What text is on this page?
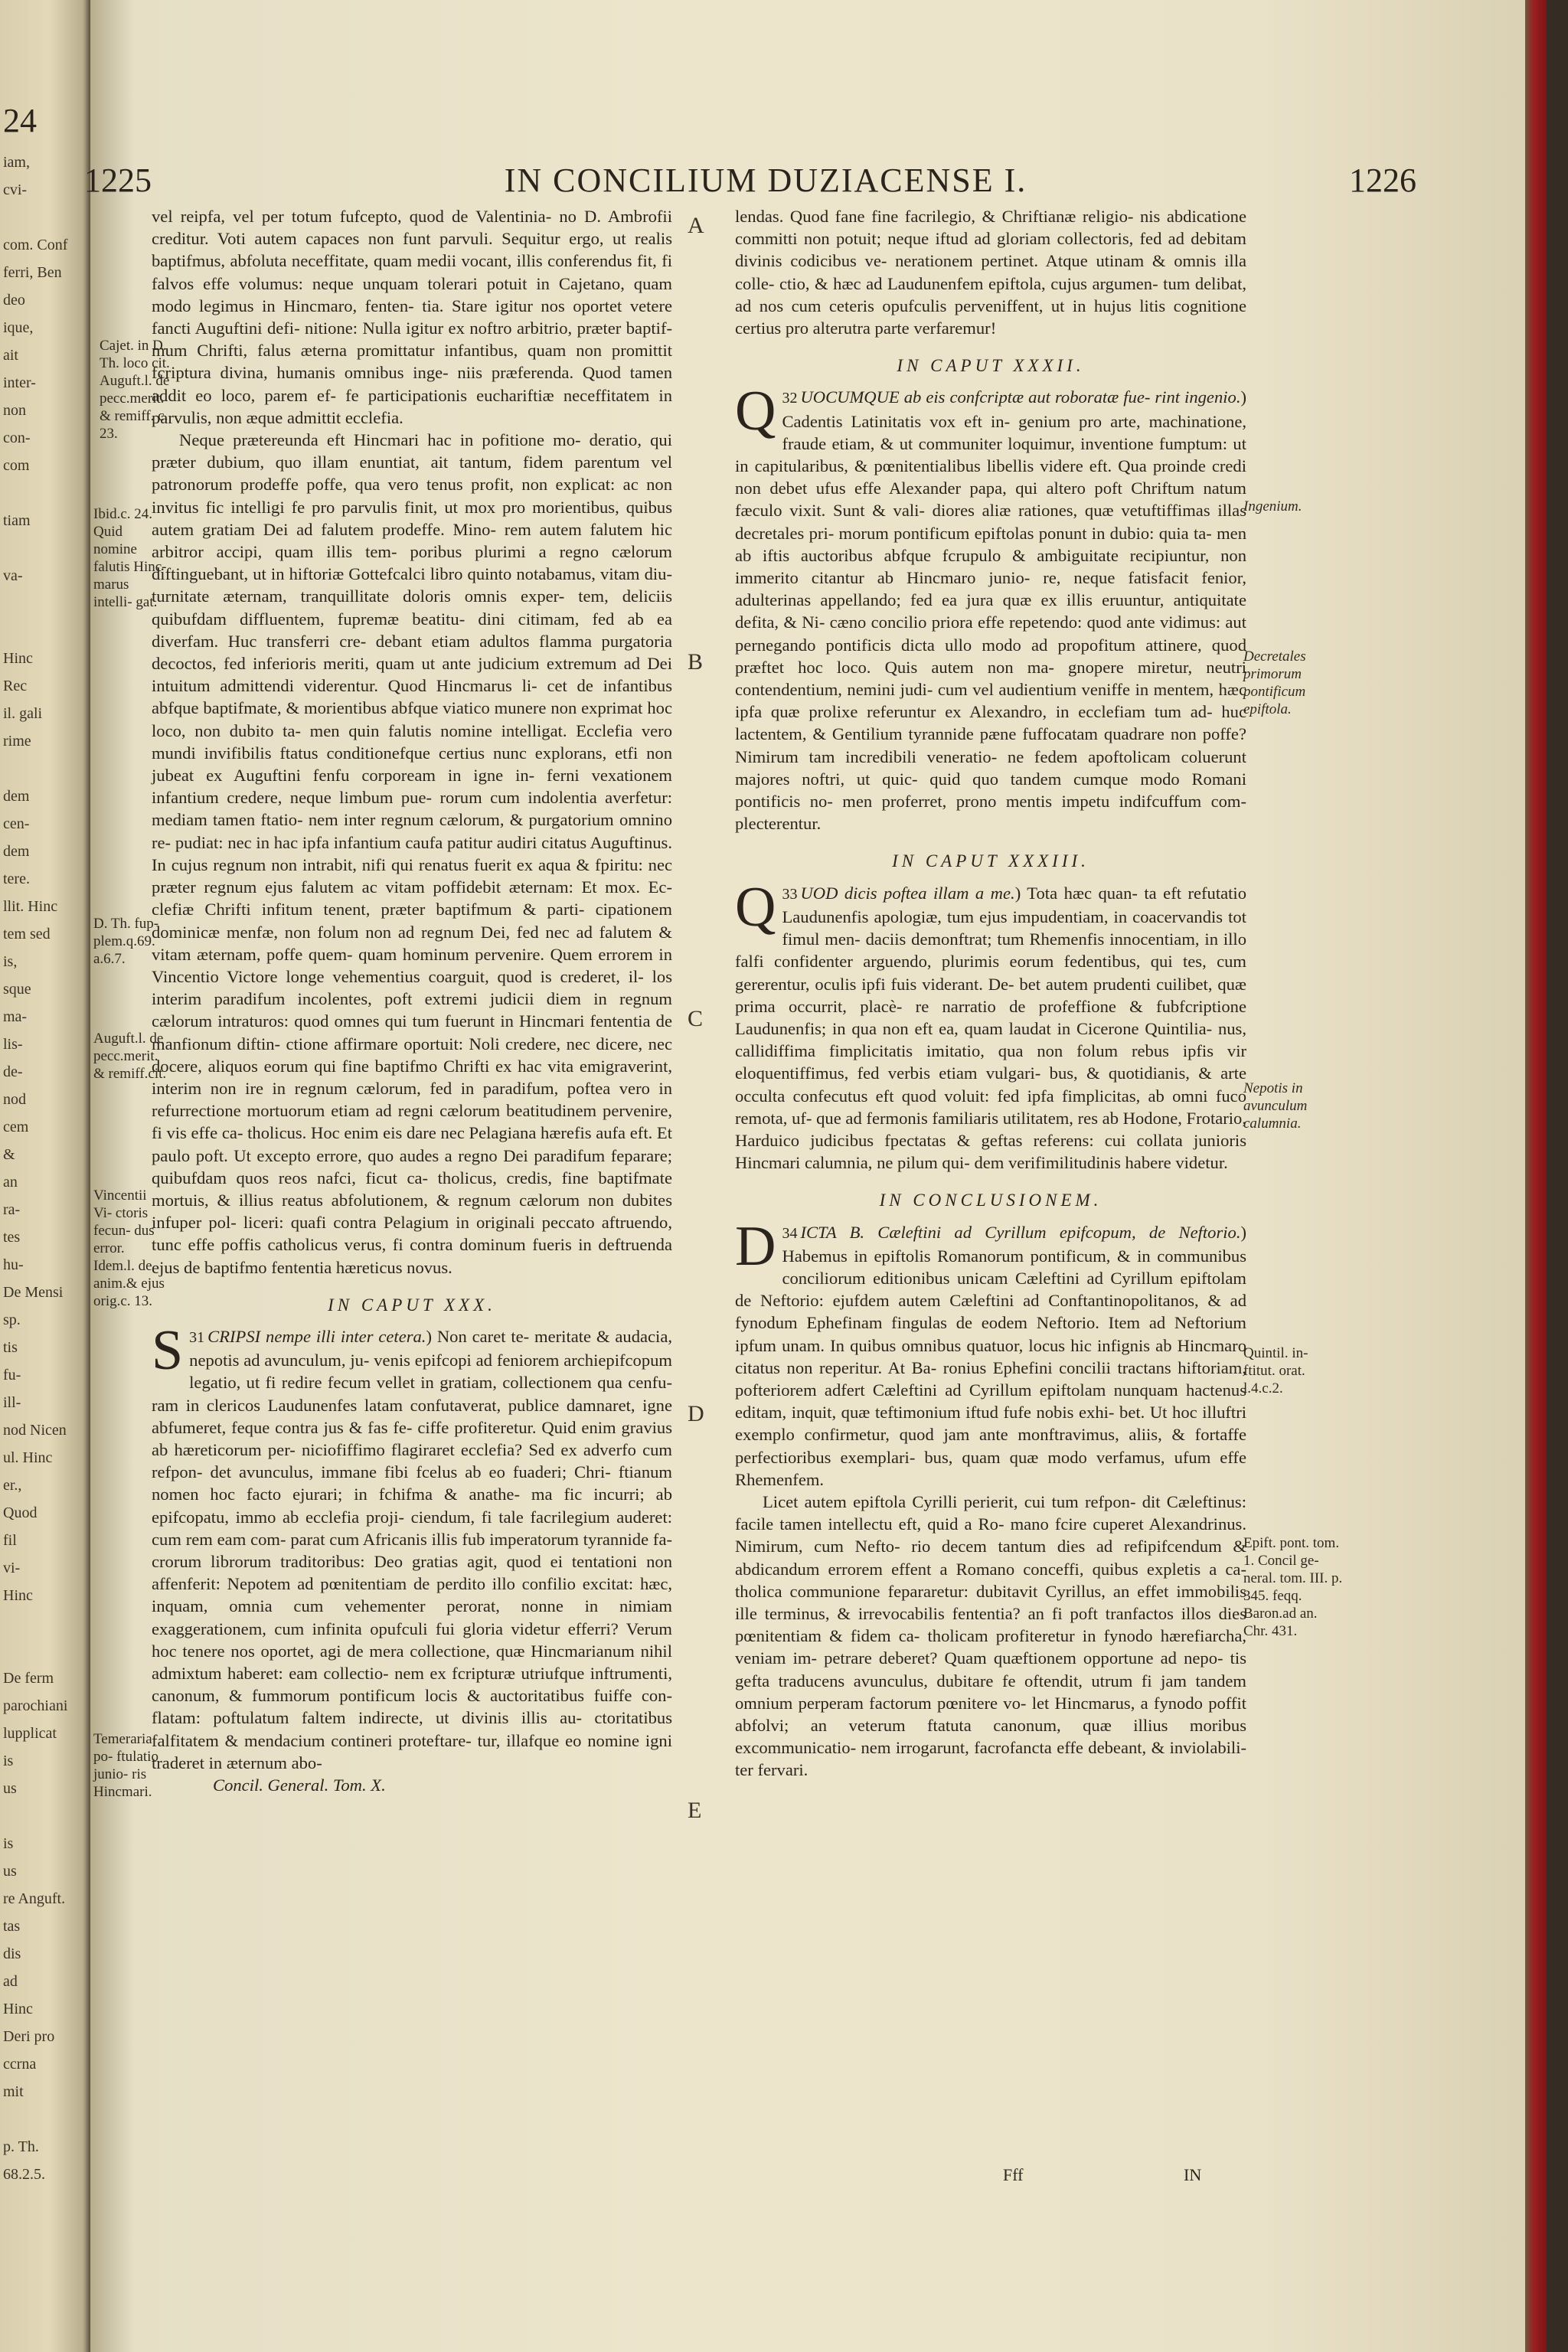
24
iam,
cvi-
com. Conf
ferri, Ben
deo
ique,
ait
inter-
non
con-
com
tiam
va-
Hinc
Rec
il. gali
rime
dem
cen-
dem
tere.
llit. Hinc
tem sed
is,
sque
ma-
lis-
de-
nod
cem
&
an
ra-
tes
hu-
De Mensi
sp.
tis
fu-
ill-
nod Nicen
ul. Hinc
er.,
Quod
fil
vi-
Hinc
De ferm
parochiani
lupplicat
is
us
is
us
re Anguft.
tas
dis
ad
Hinc
Deri pro
ccrna
mit
p. Th.
68.2.5.
1225	IN CONCILIUM DUZIACENSE I.	1226
Cajet. in D. Th. loco cit. Auguft.l. de pecc.merit. & remiff. c. 23.
Ibid.c. 24. Quid nomine falutis Hinc- marus intelli- gat.
D. Th. fup- plem.q.69. a.6.7.
Auguft.l. de pecc.merit. & remiff.cit.
Vincentii Vi- ctoris fecun- dus error. Idem.l. de anim.& ejus orig.c. 13.
Temeraria po- ftulatio junio- ris Hincmari.
Ingenium.
Decretales primorum pontificum epiftola.
Nepotis in avunculum calumnia.
Quintil. in- ftitut. orat. l.4.c.2.
Epift. pont. tom. 1. Concil ge- neral. tom. III. p. 345. feqq. Baron.ad an. Chr. 431.
A
B
C
D
E

vel reipfa, vel per totum fufcepto, quod de Valentinia- no D. Ambrofii creditur. Voti autem capaces non funt parvuli. Sequitur ergo, ut realis baptifmus, abfoluta neceffitate, quam medii vocant, illis conferendus fit, fi falvos effe volumus: neque unquam tolerari potuit in Cajetano, quam modo legimus in Hincmaro, fenten- tia. Stare igitur nos oportet vetere fancti Auguftini defi- nitione: Nulla igitur ex noftro arbitrio, præter baptif- mum Chrifti, falus æterna promittatur infantibus, quam non promittit fcriptura divina, humanis omnibus inge- niis præferenda. Quod tamen addit eo loco, parem ef- fe participationis euchariftiæ neceffitatem in parvulis, non æque admittit ecclefia.

Neque prætereunda eft Hincmari hac in pofitione mo- deratio, qui præter dubium, quo illam enuntiat, ait tantum, fidem parentum vel patronorum prodeffe poffe, qua vero tenus profit, non explicat: ac non invitus fic intelligi fe pro parvulis finit, ut mox pro morientibus, quibus autem gratiam Dei ad falutem prodeffe. Mino- rem autem falutem hic arbitror accipi, quam illis tem- poribus plurimi a regno cælorum diftinguebant, ut in hiftoriæ Gottefcalci libro quinto notabamus, vitam diu- turnitate æternam, tranquillitate doloris omnis exper- tem, deliciis quibufdam diffluentem, fupremæ beatitu- dini citimam, fed ab ea diverfam. Huc transferri cre- debant etiam adultos flamma purgatoria decoctos, fed inferioris meriti, quam ut ante judicium extremum ad Dei intuitum admittendi viderentur. Quod Hincmarus li- cet de infantibus abfque baptifmate, & morientibus abfque viatico munere non exprimat hoc loco, non dubito ta- men quin falutis nomine intelligat. Ecclefia vero mundi invifibilis ftatus conditionefque certius nunc explorans, etfi non jubeat ex Auguftini fenfu corpoream in igne in- ferni vexationem infantium credere, neque limbum pue- rorum cum indolentia averfetur: mediam tamen ftatio- nem inter regnum cælorum, & purgatorium omnino re- pudiat: nec in hac ipfa infantium caufa patitur audiri citatus Auguftinus. In cujus regnum non intrabit, nifi qui renatus fuerit ex aqua & fpiritu: nec præter regnum ejus falutem ac vitam poffidebit æternam: Et mox. Ec- clefiæ Chrifti infitum tenent, præter baptifmum & parti- cipationem dominicæ menfæ, non folum non ad regnum Dei, fed nec ad falutem & vitam æternam, poffe quem- quam hominum pervenire. Quem errorem in Vincentio Victore longe vehementius coarguit, quod is crederet, il- los interim paradifum incolentes, poft extremi judicii diem in regnum cælorum intraturos: quod omnes qui tum fuerunt in Hincmari fententia de manfionum diftin- ctione affirmare oportuit: Noli credere, nec dicere, nec docere, aliquos eorum qui fine baptifmo Chrifti ex hac vita emigraverint, interim non ire in regnum cælorum, fed in paradifum, poftea vero in refurrectione mortuorum etiam ad regni cælorum beatitudinem pervenire, fi vis effe ca- tholicus. Hoc enim eis dare nec Pelagiana hærefis aufa eft. Et paulo poft. Ut excepto errore, quo audes a regno Dei paradifum feparare; quibufdam quos reos nafci, ficut ca- tholicus, credis, fine baptifmate mortuis, & illius reatus abfolutionem, & regnum cælorum non dubites infuper pol- liceri: quafi contra Pelagium in originali peccato aftruendo, tunc effe poffis catholicus verus, fi contra dominum fueris in deftruenda ejus de baptifmo fententia hæreticus novus.

IN CAPUT XXX.

31
S CRIPSI nempe illi inter cetera.) Non caret te- meritate & audacia, nepotis ad avunculum, ju- venis epifcopi ad feniorem archiepifcopum legatio, ut fi redire fecum vellet in gratiam, collectionem qua cenfu- ram in clericos Laudunenfes latam confutaverat, publice damnaret, igne abfumeret, feque contra jus & fas fe- ciffe profiteretur. Quid enim gravius ab hæreticorum per- niciofiffimo flagiraret ecclefia? Sed ex adverfo cum refpon- det avunculus, immane fibi fcelus ab eo fuaderi; Chri- ftianum nomen hoc facto ejurari; in fchifma & anathe- ma fic incurri; ab epifcopatu, immo ab ecclefia proji- ciendum, fi tale facrilegium auderet: cum rem eam com- parat cum Africanis illis fub imperatorum tyrannide fa- crorum librorum traditoribus: Deo gratias agit, quod ei tentationi non affenferit: Nepotem ad pœnitentiam de perdito illo confilio excitat: hæc, inquam, omnia cum vehementer perorat, nonne in nimiam exaggerationem, cum infinita opufculi fui gloria videtur efferri? Verum hoc tenere nos oportet, agi de mera collectione, quæ Hincmarianum nihil admixtum haberet: eam collectio- nem ex fcripturæ utriufque inftrumenti, canonum, & fummorum pontificum locis & auctoritatibus fuiffe con- flatam: poftulatum faltem indirecte, ut divinis illis au- ctoritatibus falfitatem & mendacium contineri proteftare- tur, illafque eo nomine igni traderet in æternum abo-

Concil. General. Tom. X.

lendas. Quod fane fine facrilegio, & Chriftianæ religio- nis abdicatione committi non potuit; neque iftud ad gloriam collectoris, fed ad debitam divinis codicibus ve- nerationem pertinet. Atque utinam & omnis illa colle- ctio, & hæc ad Laudunenfem epiftola, cujus argumen- tum delibat, ad nos cum ceteris opufculis perveniffent, ut in hujus litis cognitione certius pro alterutra parte verfaremur!

IN CAPUT XXXII.

32
Q UOCUMQUE ab eis confcriptæ aut roboratæ fue- rint ingenio.) Cadentis Latinitatis vox eft in- genium pro arte, machinatione, fraude etiam, & ut communiter loquimur, inventione fumptum: ut in capitularibus, & pœnitentialibus libellis videre eft. Qua proinde credi non debet ufus effe Alexander papa, qui altero poft Chriftum natum fæculo vixit. Sunt & vali- diores aliæ rationes, quæ vetuftiffimas illas decretales pri- morum pontificum epiftolas ponunt in dubio: quia ta- men ab iftis auctoribus abfque fcrupulo & ambiguitate recipiuntur, non immerito citantur ab Hincmaro junio- re, neque fatisfacit fenior, adulterinas appellando; fed ea jura quæ ex illis eruuntur, antiquitate defita, & Ni- cæno concilio priora effe repetendo: quod ante vidimus: aut pernegando pontificis dicta ullo modo ad propofitum attinere, quod præftet hoc loco. Quis autem non ma- gnopere miretur, neutri contendentium, nemini judi- cum vel audientium veniffe in mentem, hæc ipfa quæ prolixe referuntur ex Alexandro, in ecclefiam tum ad- huc lactentem, & Gentilium tyrannide pæne fuffocatam quadrare non poffe? Nimirum tam incredibili veneratio- ne fedem apoftolicam coluerunt majores noftri, ut quic- quid quo tandem cumque modo Romani pontificis no- men proferret, prono mentis impetu indifcuffum com- plecterentur.

IN CAPUT XXXIII.

33
Q UOD dicis poftea illam a me.) Tota hæc quan- ta eft refutatio Laudunenfis apologiæ, tum ejus impudentiam, in coacervandis tot fimul men- daciis demonftrat; tum Rhemenfis innocentiam, in illo falfi confidenter arguendo, plurimis eorum fedentibus, qui tes, cum gererentur, oculis ipfi fuis viderant. De- bet autem prudenti cuilibet, quæ prima occurrit, placè- re narratio de profeffione & fubfcriptione Laudunenfis; in qua non eft ea, quam laudat in Cicerone Quintilia- nus, callidiffima fimplicitatis imitatio, qua non folum rebus ipfis vir eloquentiffimus, fed verbis etiam vulgari- bus, & quotidianis, & arte occulta confecutus eft quod voluit: fed ipfa fimplicitas, ab omni fuco remota, uf- que ad fermonis familiaris utilitatem, res ab Hodone, Frotario, Harduico judicibus fpectatas & geftas referens: cui collata junioris Hincmari calumnia, ne pilum qui- dem verifimilitudinis habere videtur.

IN CONCLUSIONEM.

34
D ICTA B. Cæleftini ad Cyrillum epifcopum, de Neftorio.) Habemus in epiftolis Romanorum pontificum, & in communibus conciliorum editionibus unicam Cæleftini ad Cyrillum epiftolam de Neftorio: ejufdem autem Cæleftini ad Conftantinopolitanos, & ad fynodum Ephefinam fingulas de eodem Neftorio. Item ad Neftorium ipfum unam. In quibus omnibus quatuor, locus hic infignis ab Hincmaro citatus non reperitur. At Ba- ronius Ephefini concilii tractans hiftoriam, pofteriorem adfert Cæleftini ad Cyrillum epiftolam nunquam hactenus editam, inquit, quæ teftimonium iftud fufe nobis exhi- bet. Ut hoc illuftri exemplo confirmetur, quod jam ante monftravimus, aliis, & fortaffe perfectioribus exemplari- bus, quam quæ modo verfamus, ufum effe Rhemenfem.

Licet autem epiftola Cyrilli perierit, cui tum refpon- dit Cæleftinus: facile tamen intellectu eft, quid a Ro- mano fcire cuperet Alexandrinus. Nimirum, cum Nefto- rio decem tantum dies ad refipifcendum & abdicandum errorem effent a Romano conceffi, quibus expletis a ca- tholica communione fepararetur: dubitavit Cyrillus, an effet immobilis ille terminus, & irrevocabilis fententia? an fi poft tranfactos illos dies pœnitentiam & fidem ca- tholicam profiteretur in fynodo hærefiarcha, veniam im- petrare deberet? Quam quæftionem opportune ad nepo- tis gefta traducens avunculus, dubitare fe oftendit, utrum fi jam tandem omnium perperam factorum pœnitere vo- let Hincmarus, a fynodo poffit abfolvi; an veterum ftatuta canonum, quæ illius moribus excommunicatio- nem irrogarunt, facrofancta effe debeant, & inviolabili- ter fervari.

Fff	IN
